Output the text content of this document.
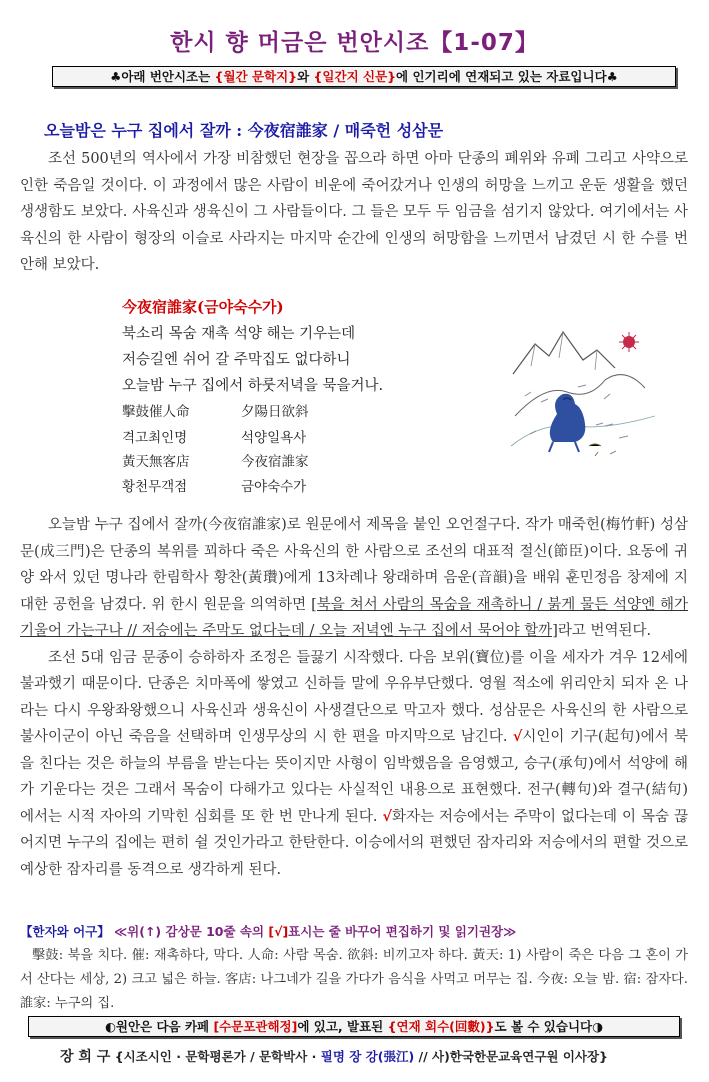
한시 향 머금은 번안시조【1-07】
♣아래 번안시조는 {월간 문학지}와 {일간지 신문}에 인기리에 연재되고 있는 자료입니다♣
오늘밤은 누구 집에서 잘까 : 今夜宿誰家 / 매죽헌 성삼문

조선 500년의 역사에서 가장 비참했던 현장을 꼽으라 하면 아마 단종의 폐위와 유폐 그리고 사약으로 인한 죽음일 것이다. 이 과정에서 많은 사람이 비운에 죽어갔거나 인생의 허망을 느끼고 운둔 생활을 했던 생생함도 보았다. 사육신과 생육신이 그 사람들이다. 그 들은 모두 두 임금을 섬기지 않았다. 여기에서는 사육신의 한 사람이 형장의 이슬로 사라지는 마지막 순간에 인생의 허망함을 느끼면서 남겼던 시 한 수를 번안해 보았다.

今夜宿誰家(금야숙수가)
북소리 목숨 재촉 석양 해는 기우는데
저승길엔 쉬어 갈 주막집도 없다하니
오늘밤 누구 집에서 하룻저녁을 묵을거나.
擊鼓催人命	夕陽日欲斜
격고최인명	석양일욕사
黃天無客店	今夜宿誰家
황천무객점	금야숙수가

오늘밤 누구 집에서 잘까(今夜宿誰家)로 원문에서 제목을 붙인 오언절구다. 작가 매죽헌(梅竹軒) 성삼문(成三門)은 단종의 복위를 꾀하다 죽은 사육신의 한 사람으로 조선의 대표적 절신(節臣)이다. 요동에 귀양 와서 있던 명나라 한림학사 황찬(黃瓚)에게 13차례나 왕래하며 음운(音韻)을 배워 훈민정음 창제에 지대한 공헌을 남겼다. 위 한시 원문을 의역하면 [북을 쳐서 사람의 목숨을 재촉하니 / 붉게 물든 석양엔 해가 기울어 가는구나 // 저승에는 주막도 없다는데 / 오늘 저녁엔 누구 집에서 묵어야 할까]라고 번역된다.

조선 5대 임금 문종이 승하하자 조정은 들끓기 시작했다. 다음 보위(寶位)를 이을 세자가 겨우 12세에 불과했기 때문이다. 단종은 치마폭에 쌓였고 신하들 말에 우유부단했다. 영월 적소에 위리안치 되자 온 나라는 다시 우왕좌왕했으니 사육신과 생육신이 사생결단으로 막고자 했다. 성삼문은 사육신의 한 사람으로 불사이군이 아닌 죽음을 선택하며 인생무상의 시 한 편을 마지막으로 남긴다. √시인이 기구(起句)에서 북을 친다는 것은 하늘의 부름을 받는다는 뜻이지만 사형이 임박했음을 음영했고, 승구(承句)에서 석양에 해가 기운다는 것은 그래서 목숨이 다해가고 있다는 사실적인 내용으로 표현했다. 전구(轉句)와 결구(結句)에서는 시적 자아의 기막힌 심회를 또 한 번 만나게 된다. √화자는 저승에서는 주막이 없다는데 이 목숨 끊어지면 누구의 집에는 편히 쉴 것인가라고 한탄한다. 이승에서의 편했던 잠자리와 저승에서의 편할 것으로 예상한 잠자리를 동격으로 생각하게 된다.

【한자와 어구】 ≪위(↑) 감상문 10줄 속의 [√]표시는 줄 바꾸어 편집하기 및 읽기권장≫

擊鼓: 북을 치다. 催: 재촉하다, 막다. 人命: 사람 목숨. 欲斜: 비끼고자 하다. 黃天: 1) 사람이 죽은 다음 그 혼이 가서 산다는 세상, 2) 크고 넓은 하늘. 客店: 나그네가 길을 가다가 음식을 사먹고 머무는 집. 今夜: 오늘 밤. 宿: 잠자다. 誰家: 누구의 집.

◐원안은 다음 카페 [수문포관해정]에 있고, 발표된 {연재 회수(回數)}도 볼 수 있습니다◑
장 희 구 {시조시인 · 문학평론가 / 문학박사 · 필명 장 강(張江) // 사)한국한문교육연구원 이사장}
